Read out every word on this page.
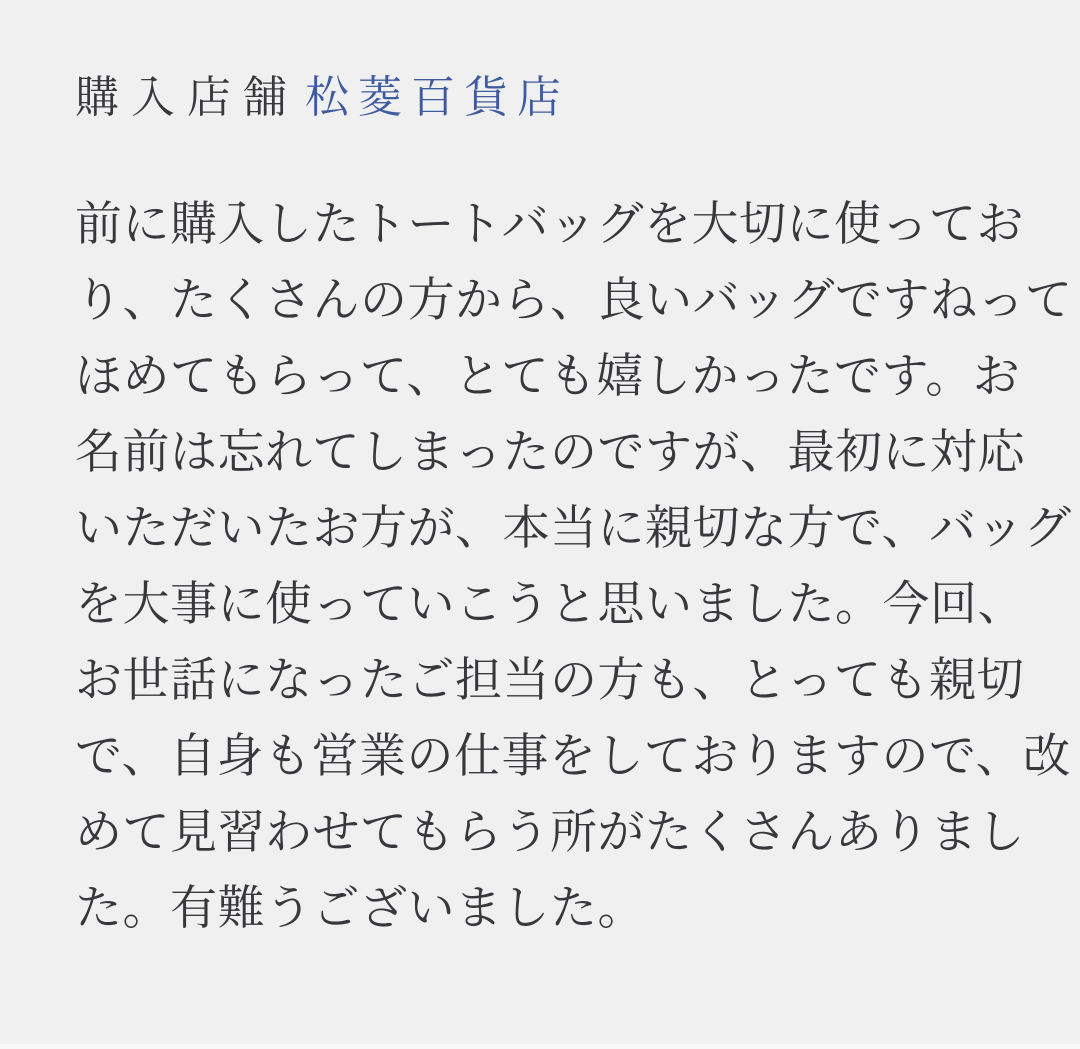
購入店舗 松菱百貨店
前に購入したトートバッグを大切に使ってお
り、たくさんの方から、良いバッグですねって
ほめてもらって、とても嬉しかったです。お
名前は忘れてしまったのですが、最初に対応
いただいたお方が、本当に親切な方で、バッグ
を大事に使っていこうと思いました。今回、
お世話になったご担当の方も、とっても親切
で、自身も営業の仕事をしておりますので、改
めて見習わせてもらう所がたくさんありまし
た。有難うございました。
